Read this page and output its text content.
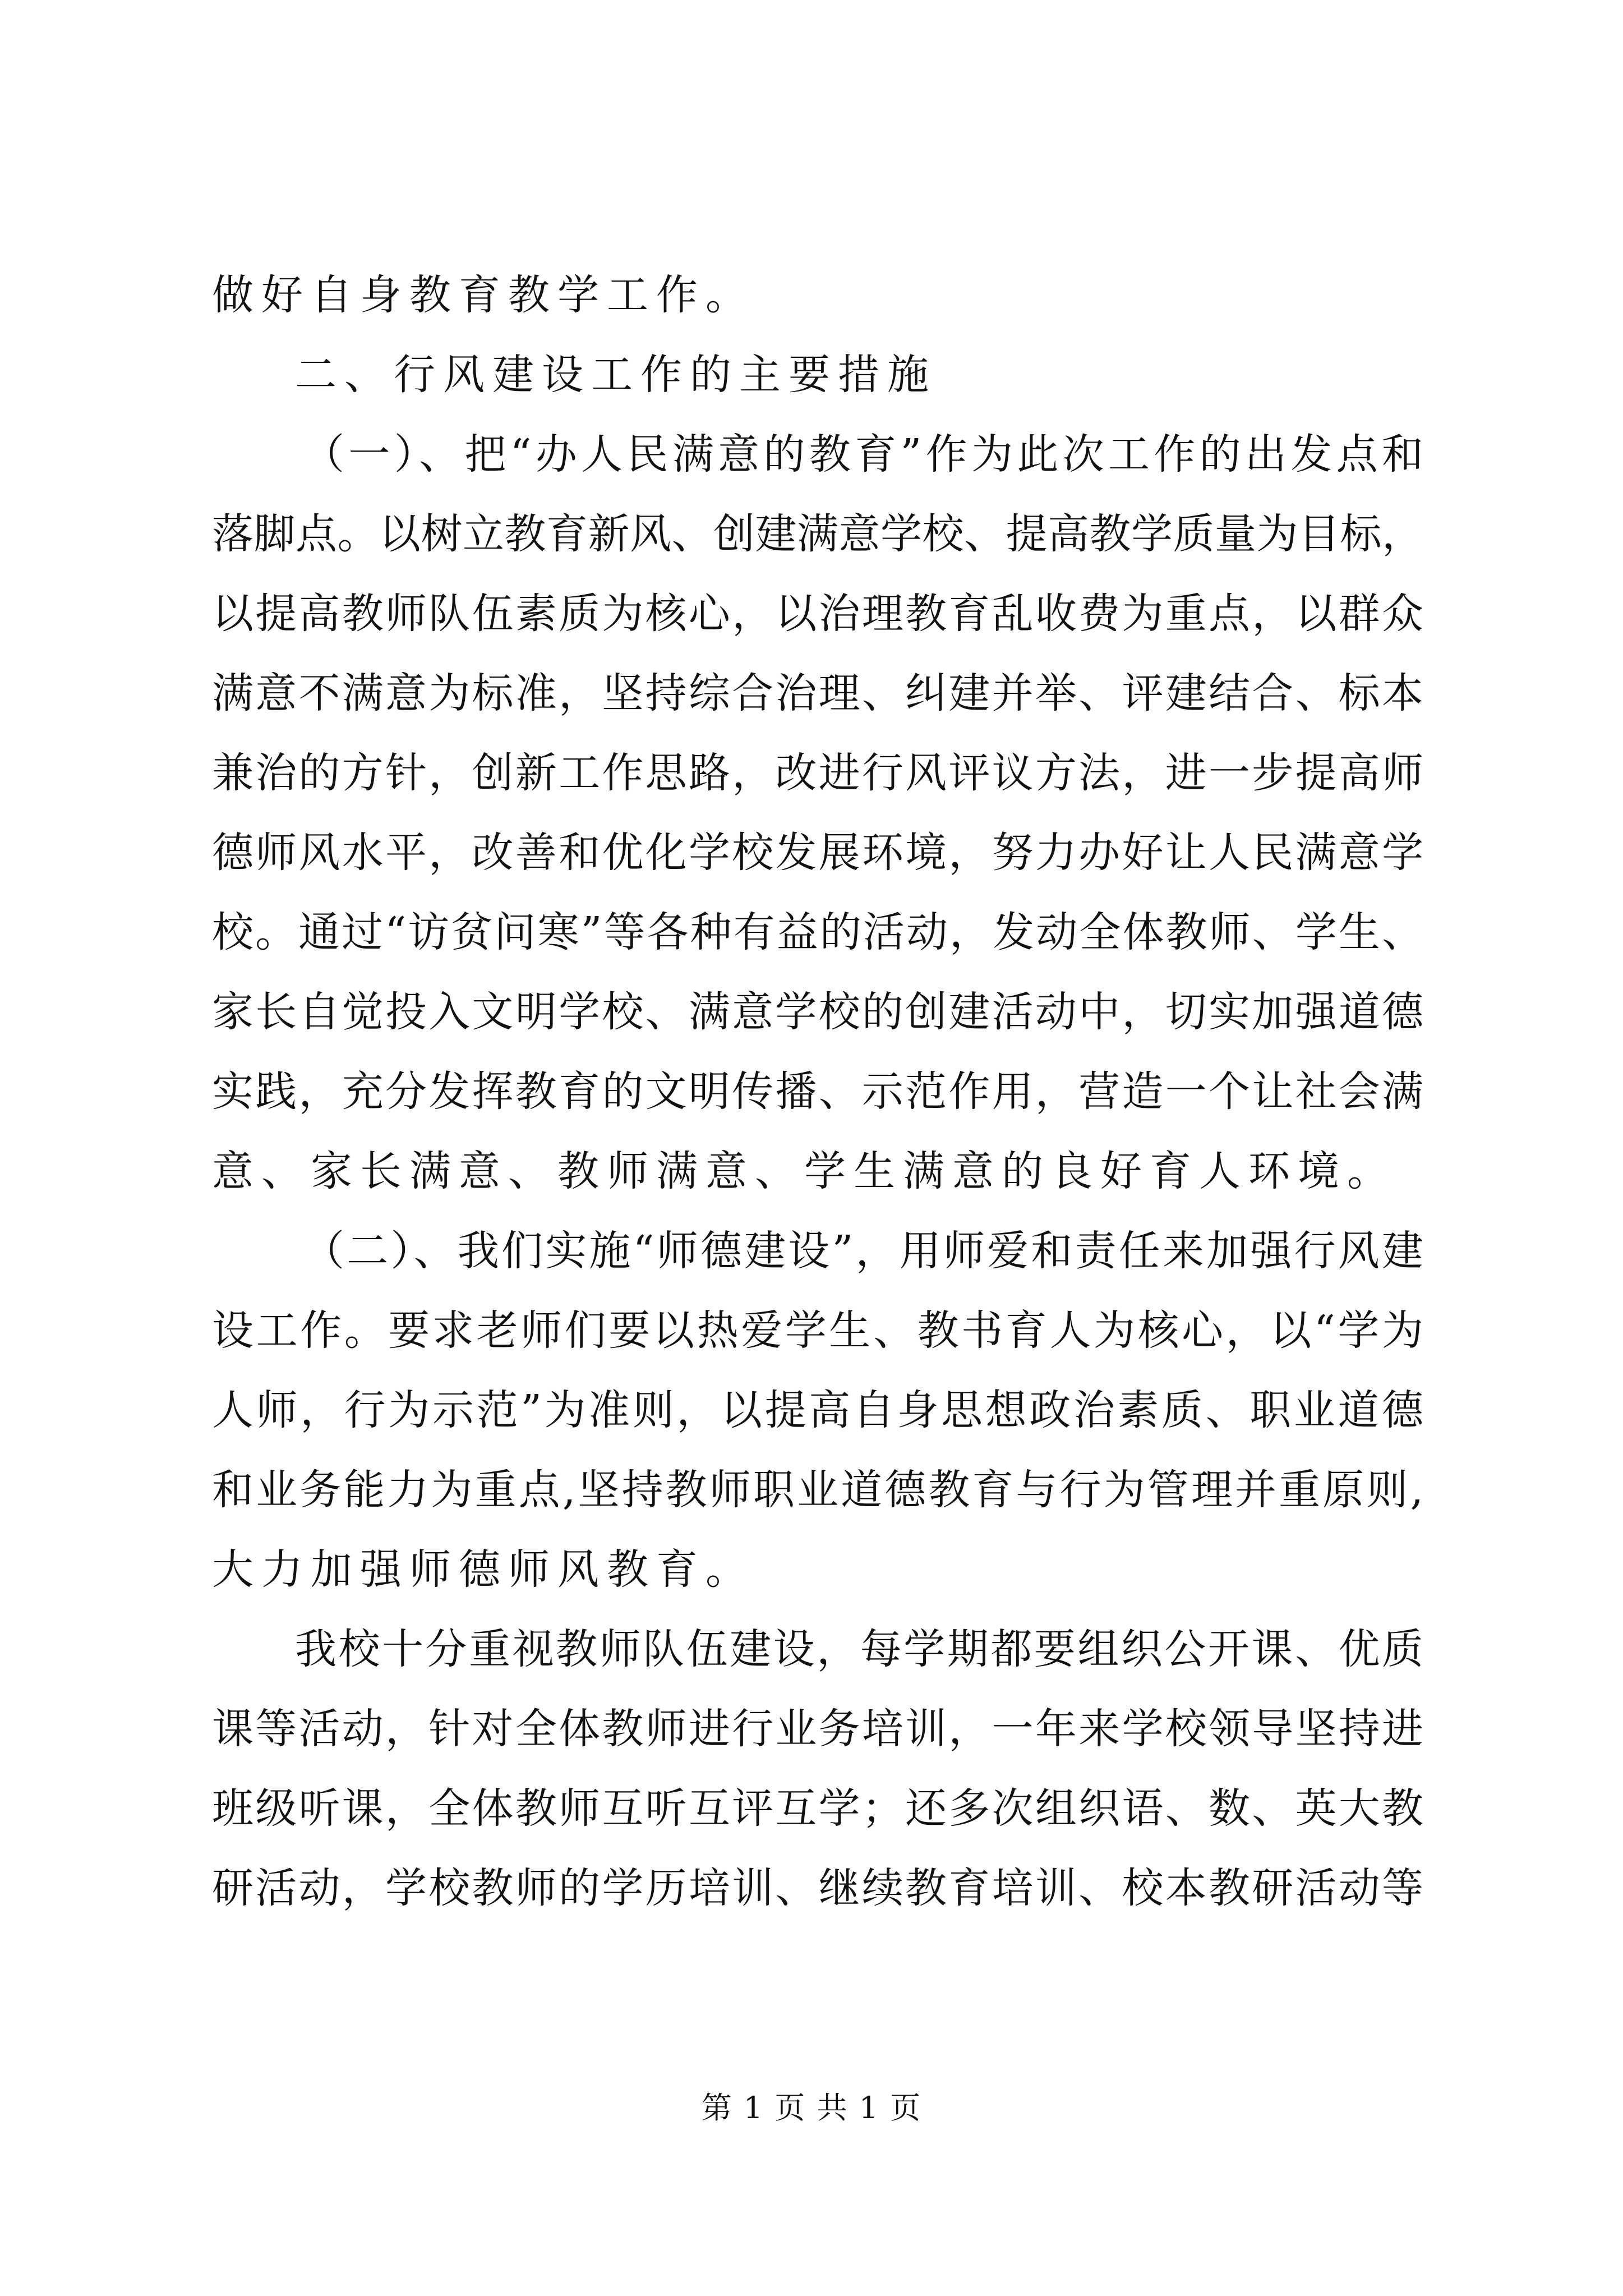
做好自身教育教学工作。
二、行风建设工作的主要措施
（一）、把“办人民满意的教育”作为此次工作的出发点和
落脚点。以树立教育新风、创建满意学校、提高教学质量为目标，
以提高教师队伍素质为核心，以治理教育乱收费为重点，以群众
满意不满意为标准，坚持综合治理、纠建并举、评建结合、标本
兼治的方针，创新工作思路，改进行风评议方法，进一步提高师
德师风水平，改善和优化学校发展环境，努力办好让人民满意学
校。通过“访贫问寒”等各种有益的活动，发动全体教师、学生、
家长自觉投入文明学校、满意学校的创建活动中，切实加强道德
实践，充分发挥教育的文明传播、示范作用，营造一个让社会满
意、家长满意、教师满意、学生满意的良好育人环境。
（二）、我们实施“师德建设”，用师爱和责任来加强行风建
设工作。要求老师们要以热爱学生、教书育人为核心，以“学为
人师，行为示范”为准则，以提高自身思想政治素质、职业道德
和业务能力为重点,坚持教师职业道德教育与行为管理并重原则,
大力加强师德师风教育。
我校十分重视教师队伍建设，每学期都要组织公开课、优质
课等活动，针对全体教师进行业务培训，一年来学校领导坚持进
班级听课，全体教师互听互评互学；还多次组织语、数、英大教
研活动，学校教师的学历培训、继续教育培训、校本教研活动等
第 1 页 共 1 页
